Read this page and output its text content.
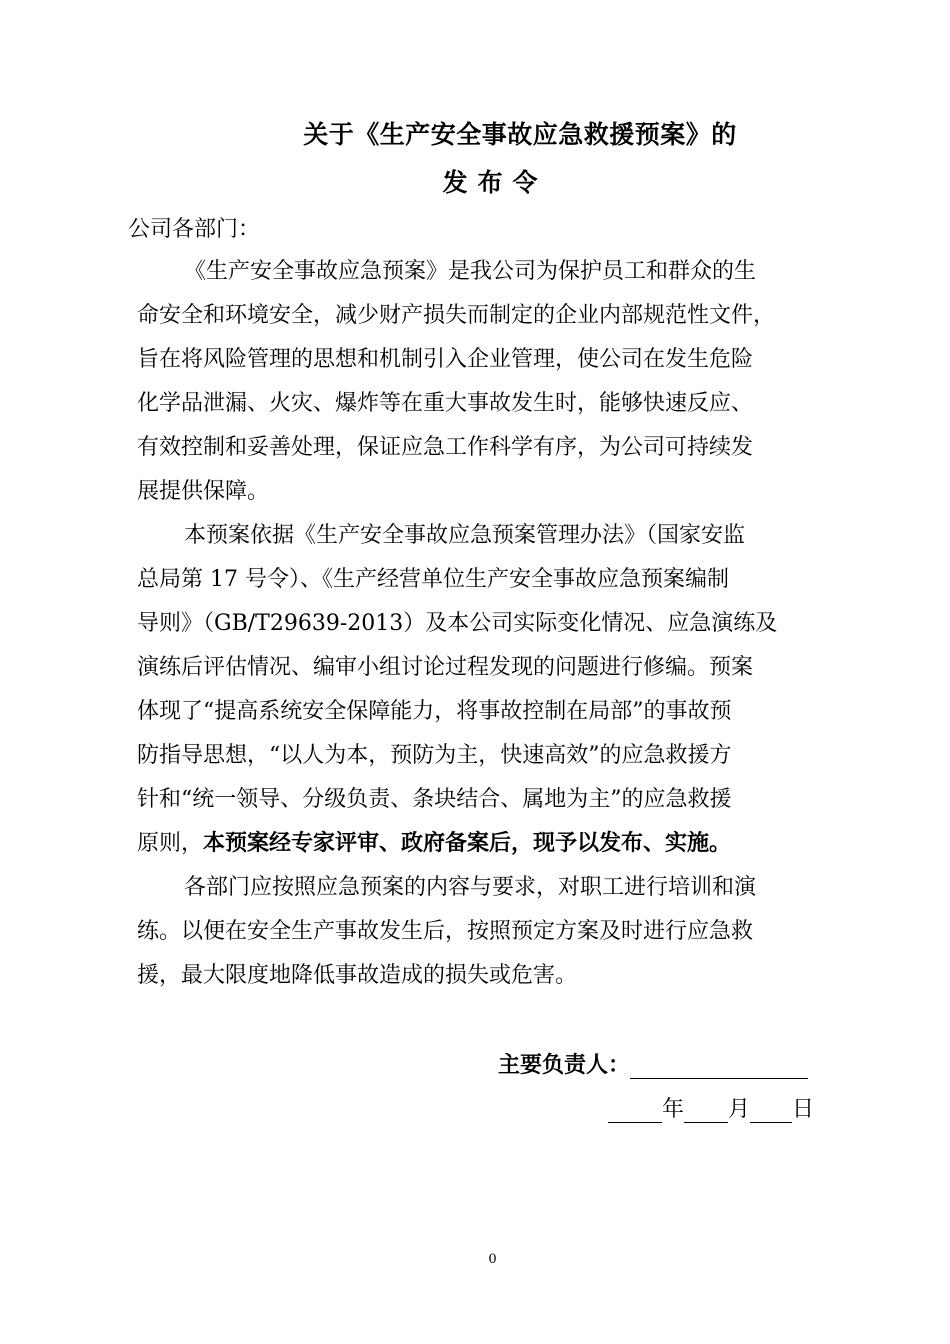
关于《生产安全事故应急救援预案》的
发布令
公司各部门：
《生产安全事故应急预案》是我公司为保护员工和群众的生
命安全和环境安全，减少财产损失而制定的企业内部规范性文件，
旨在将风险管理的思想和机制引入企业管理，使公司在发生危险
化学品泄漏、火灾、爆炸等在重大事故发生时，能够快速反应、
有效控制和妥善处理，保证应急工作科学有序，为公司可持续发
展提供保障。
本预案依据《生产安全事故应急预案管理办法》（国家安监
总局第 17 号令）、《生产经营单位生产安全事故应急预案编制
导则》（GB/T29639-2013）及本公司实际变化情况、应急演练及
演练后评估情况、编审小组讨论过程发现的问题进行修编。预案
体现了“提高系统安全保障能力，将事故控制在局部”的事故预
防指导思想，“以人为本，预防为主，快速高效”的应急救援方
针和“统一领导、分级负责、条块结合、属地为主”的应急救援
原则，本预案经专家评审、政府备案后，现予以发布、实施。
各部门应按照应急预案的内容与要求，对职工进行培训和演
练。以便在安全生产事故发生后，按照预定方案及时进行应急救
援，最大限度地降低事故造成的损失或危害。
主要负责人：
年 月 日
0
